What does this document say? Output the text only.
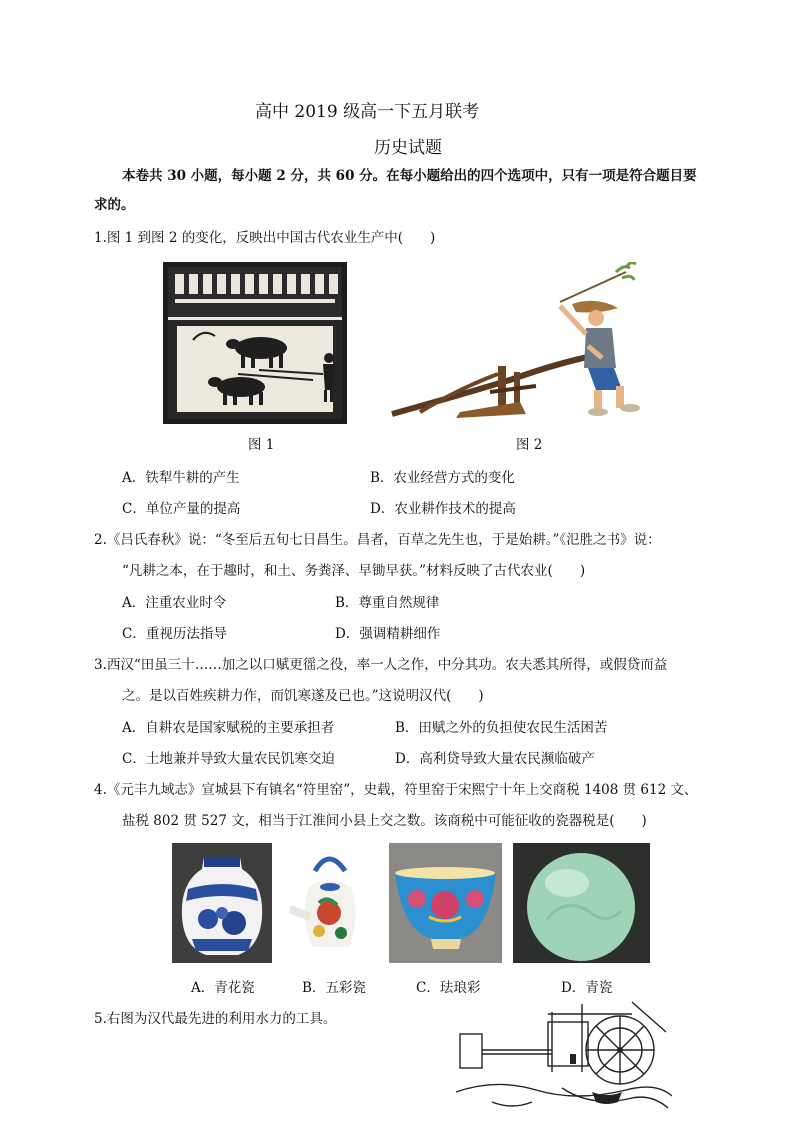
高中 2019 级高一下五月联考
历史试题
本卷共 30 小题，每小题 2 分，共 60 分。在每小题给出的四个选项中，只有一项是符合题目要
求的。
1.图 1 到图 2 的变化，反映出中国古代农业生产中(　　)
图 1	图 2
A．铁犁牛耕的产生	B．农业经营方式的变化
C．单位产量的提高	D．农业耕作技术的提高
2.《吕氏春秋》说：“冬至后五旬七日昌生。昌者，百草之先生也，于是始耕。”《氾胜之书》说：
“凡耕之本，在于趣时，和土、务粪泽、早锄早获。”材料反映了古代农业(　　)
A．注重农业时令	B．尊重自然规律
C．重视历法指导	D．强调精耕细作
3.西汉“田虽三十……加之以口赋更徭之役，率一人之作，中分其功。农夫悉其所得，或假贷而益
之。是以百姓疾耕力作，而饥寒遂及已也。”这说明汉代(　　)
A．自耕农是国家赋税的主要承担者	B．田赋之外的负担使农民生活困苦
C．土地兼并导致大量农民饥寒交迫	D．高利贷导致大量农民濒临破产
4.《元丰九域志》宣城县下有镇名“符里窑”，史载，符里窑于宋熙宁十年上交商税 1408 贯 612 文、
盐税 802 贯 527 文，相当于江淮间小县上交之数。该商税中可能征收的瓷器税是(　　)
A．青花瓷	B．五彩瓷	C．珐琅彩	D．青瓷
5.右图为汉代最先进的利用水力的工具。
